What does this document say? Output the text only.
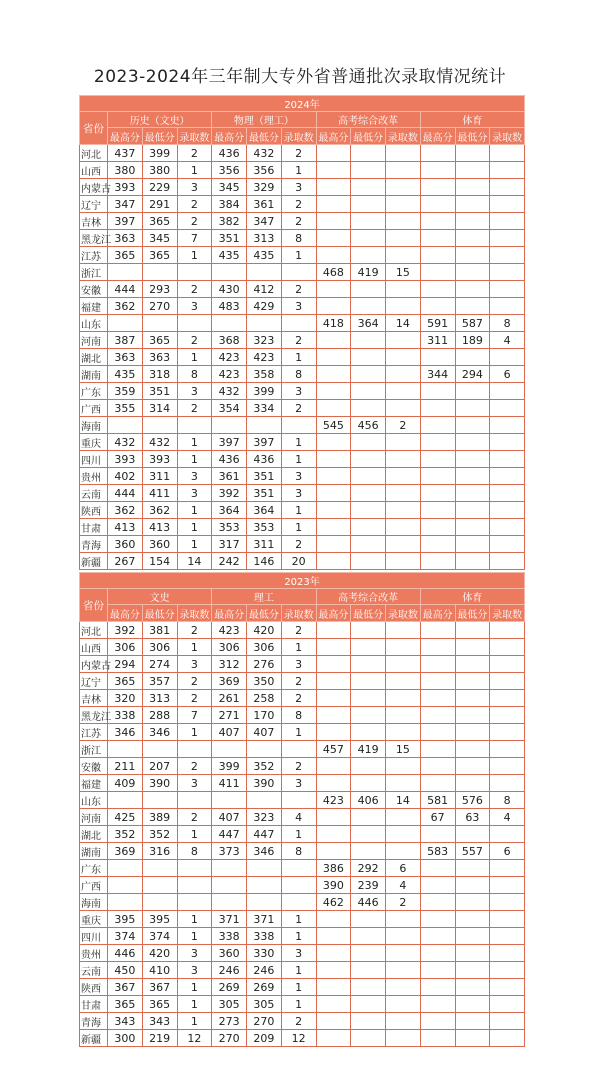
2023-2024年三年制大专外省普通批次录取情况统计
2024年												
省份	历史（文史）			物理（理工）			高考综合改革			体育		
	最高分	最低分	录取数	最高分	最低分	录取数	最高分	最低分	录取数	最高分	最低分	录取数
河北	437	399	2	436	432	2						
山西	380	380	1	356	356	1						
内蒙古	393	229	3	345	329	3						
辽宁	347	291	2	384	361	2						
吉林	397	365	2	382	347	2						
黑龙江	363	345	7	351	313	8						
江苏	365	365	1	435	435	1						
浙江							468	419	15			
安徽	444	293	2	430	412	2						
福建	362	270	3	483	429	3						
山东							418	364	14	591	587	8
河南	387	365	2	368	323	2				311	189	4
湖北	363	363	1	423	423	1						
湖南	435	318	8	423	358	8				344	294	6
广东	359	351	3	432	399	3						
广西	355	314	2	354	334	2						
海南							545	456	2			
重庆	432	432	1	397	397	1						
四川	393	393	1	436	436	1						
贵州	402	311	3	361	351	3						
云南	444	411	3	392	351	3						
陕西	362	362	1	364	364	1						
甘肃	413	413	1	353	353	1						
青海	360	360	1	317	311	2						
新疆	267	154	14	242	146	20						
2023年												
省份	文史			理工			高考综合改革			体育		
	最高分	最低分	录取数	最高分	最低分	录取数	最高分	最低分	录取数	最高分	最低分	录取数
河北	392	381	2	423	420	2						
山西	306	306	1	306	306	1						
内蒙古	294	274	3	312	276	3						
辽宁	365	357	2	369	350	2						
吉林	320	313	2	261	258	2						
黑龙江	338	288	7	271	170	8						
江苏	346	346	1	407	407	1						
浙江							457	419	15			
安徽	211	207	2	399	352	2						
福建	409	390	3	411	390	3						
山东							423	406	14	581	576	8
河南	425	389	2	407	323	4				67	63	4
湖北	352	352	1	447	447	1						
湖南	369	316	8	373	346	8				583	557	6
广东							386	292	6			
广西							390	239	4			
海南							462	446	2			
重庆	395	395	1	371	371	1						
四川	374	374	1	338	338	1						
贵州	446	420	3	360	330	3						
云南	450	410	3	246	246	1						
陕西	367	367	1	269	269	1						
甘肃	365	365	1	305	305	1						
青海	343	343	1	273	270	2						
新疆	300	219	12	270	209	12						
